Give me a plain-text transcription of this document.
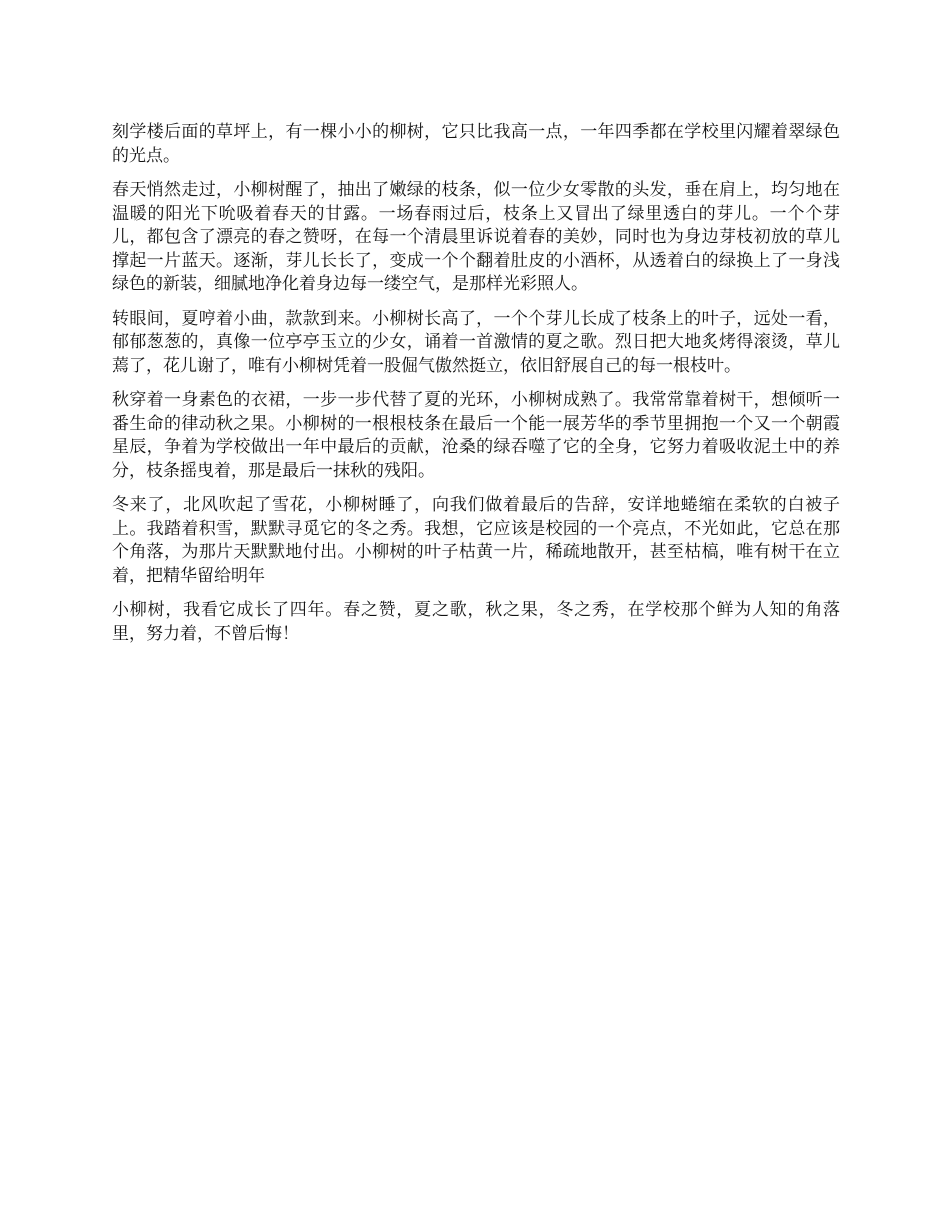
刻学楼后面的草坪上，有一棵小小的柳树，它只比我高一点，一年四季都在学校里闪耀着翠绿色的光点。

春天悄然走过，小柳树醒了，抽出了嫩绿的枝条，似一位少女零散的头发，垂在肩上，均匀地在温暖的阳光下吮吸着春天的甘露。一场春雨过后，枝条上又冒出了绿里透白的芽儿。一个个芽儿，都包含了漂亮的春之赞呀，在每一个清晨里诉说着春的美妙，同时也为身边芽枝初放的草儿撑起一片蓝天。逐渐，芽儿长长了，变成一个个翻着肚皮的小酒杯，从透着白的绿换上了一身浅绿色的新装，细腻地净化着身边每一缕空气，是那样光彩照人。

转眼间，夏哼着小曲，款款到来。小柳树长高了，一个个芽儿长成了枝条上的叶子，远处一看，郁郁葱葱的，真像一位亭亭玉立的少女，诵着一首激情的夏之歌。烈日把大地炙烤得滚烫，草儿蔫了，花儿谢了，唯有小柳树凭着一股倔气傲然挺立，依旧舒展自己的每一根枝叶。

秋穿着一身素色的衣裙，一步一步代替了夏的光环，小柳树成熟了。我常常靠着树干，想倾听一番生命的律动秋之果。小柳树的一根根枝条在最后一个能一展芳华的季节里拥抱一个又一个朝霞星辰，争着为学校做出一年中最后的贡献，沧桑的绿吞噬了它的全身，它努力着吸收泥土中的养分，枝条摇曳着，那是最后一抹秋的残阳。

冬来了，北风吹起了雪花，小柳树睡了，向我们做着最后的告辞，安详地蜷缩在柔软的白被子上。我踏着积雪，默默寻觅它的冬之秀。我想，它应该是校园的一个亮点，不光如此，它总在那个角落，为那片天默默地付出。小柳树的叶子枯黄一片，稀疏地散开，甚至枯槁，唯有树干在立着，把精华留给明年

小柳树，我看它成长了四年。春之赞，夏之歌，秋之果，冬之秀，在学校那个鲜为人知的角落里，努力着，不曾后悔！
